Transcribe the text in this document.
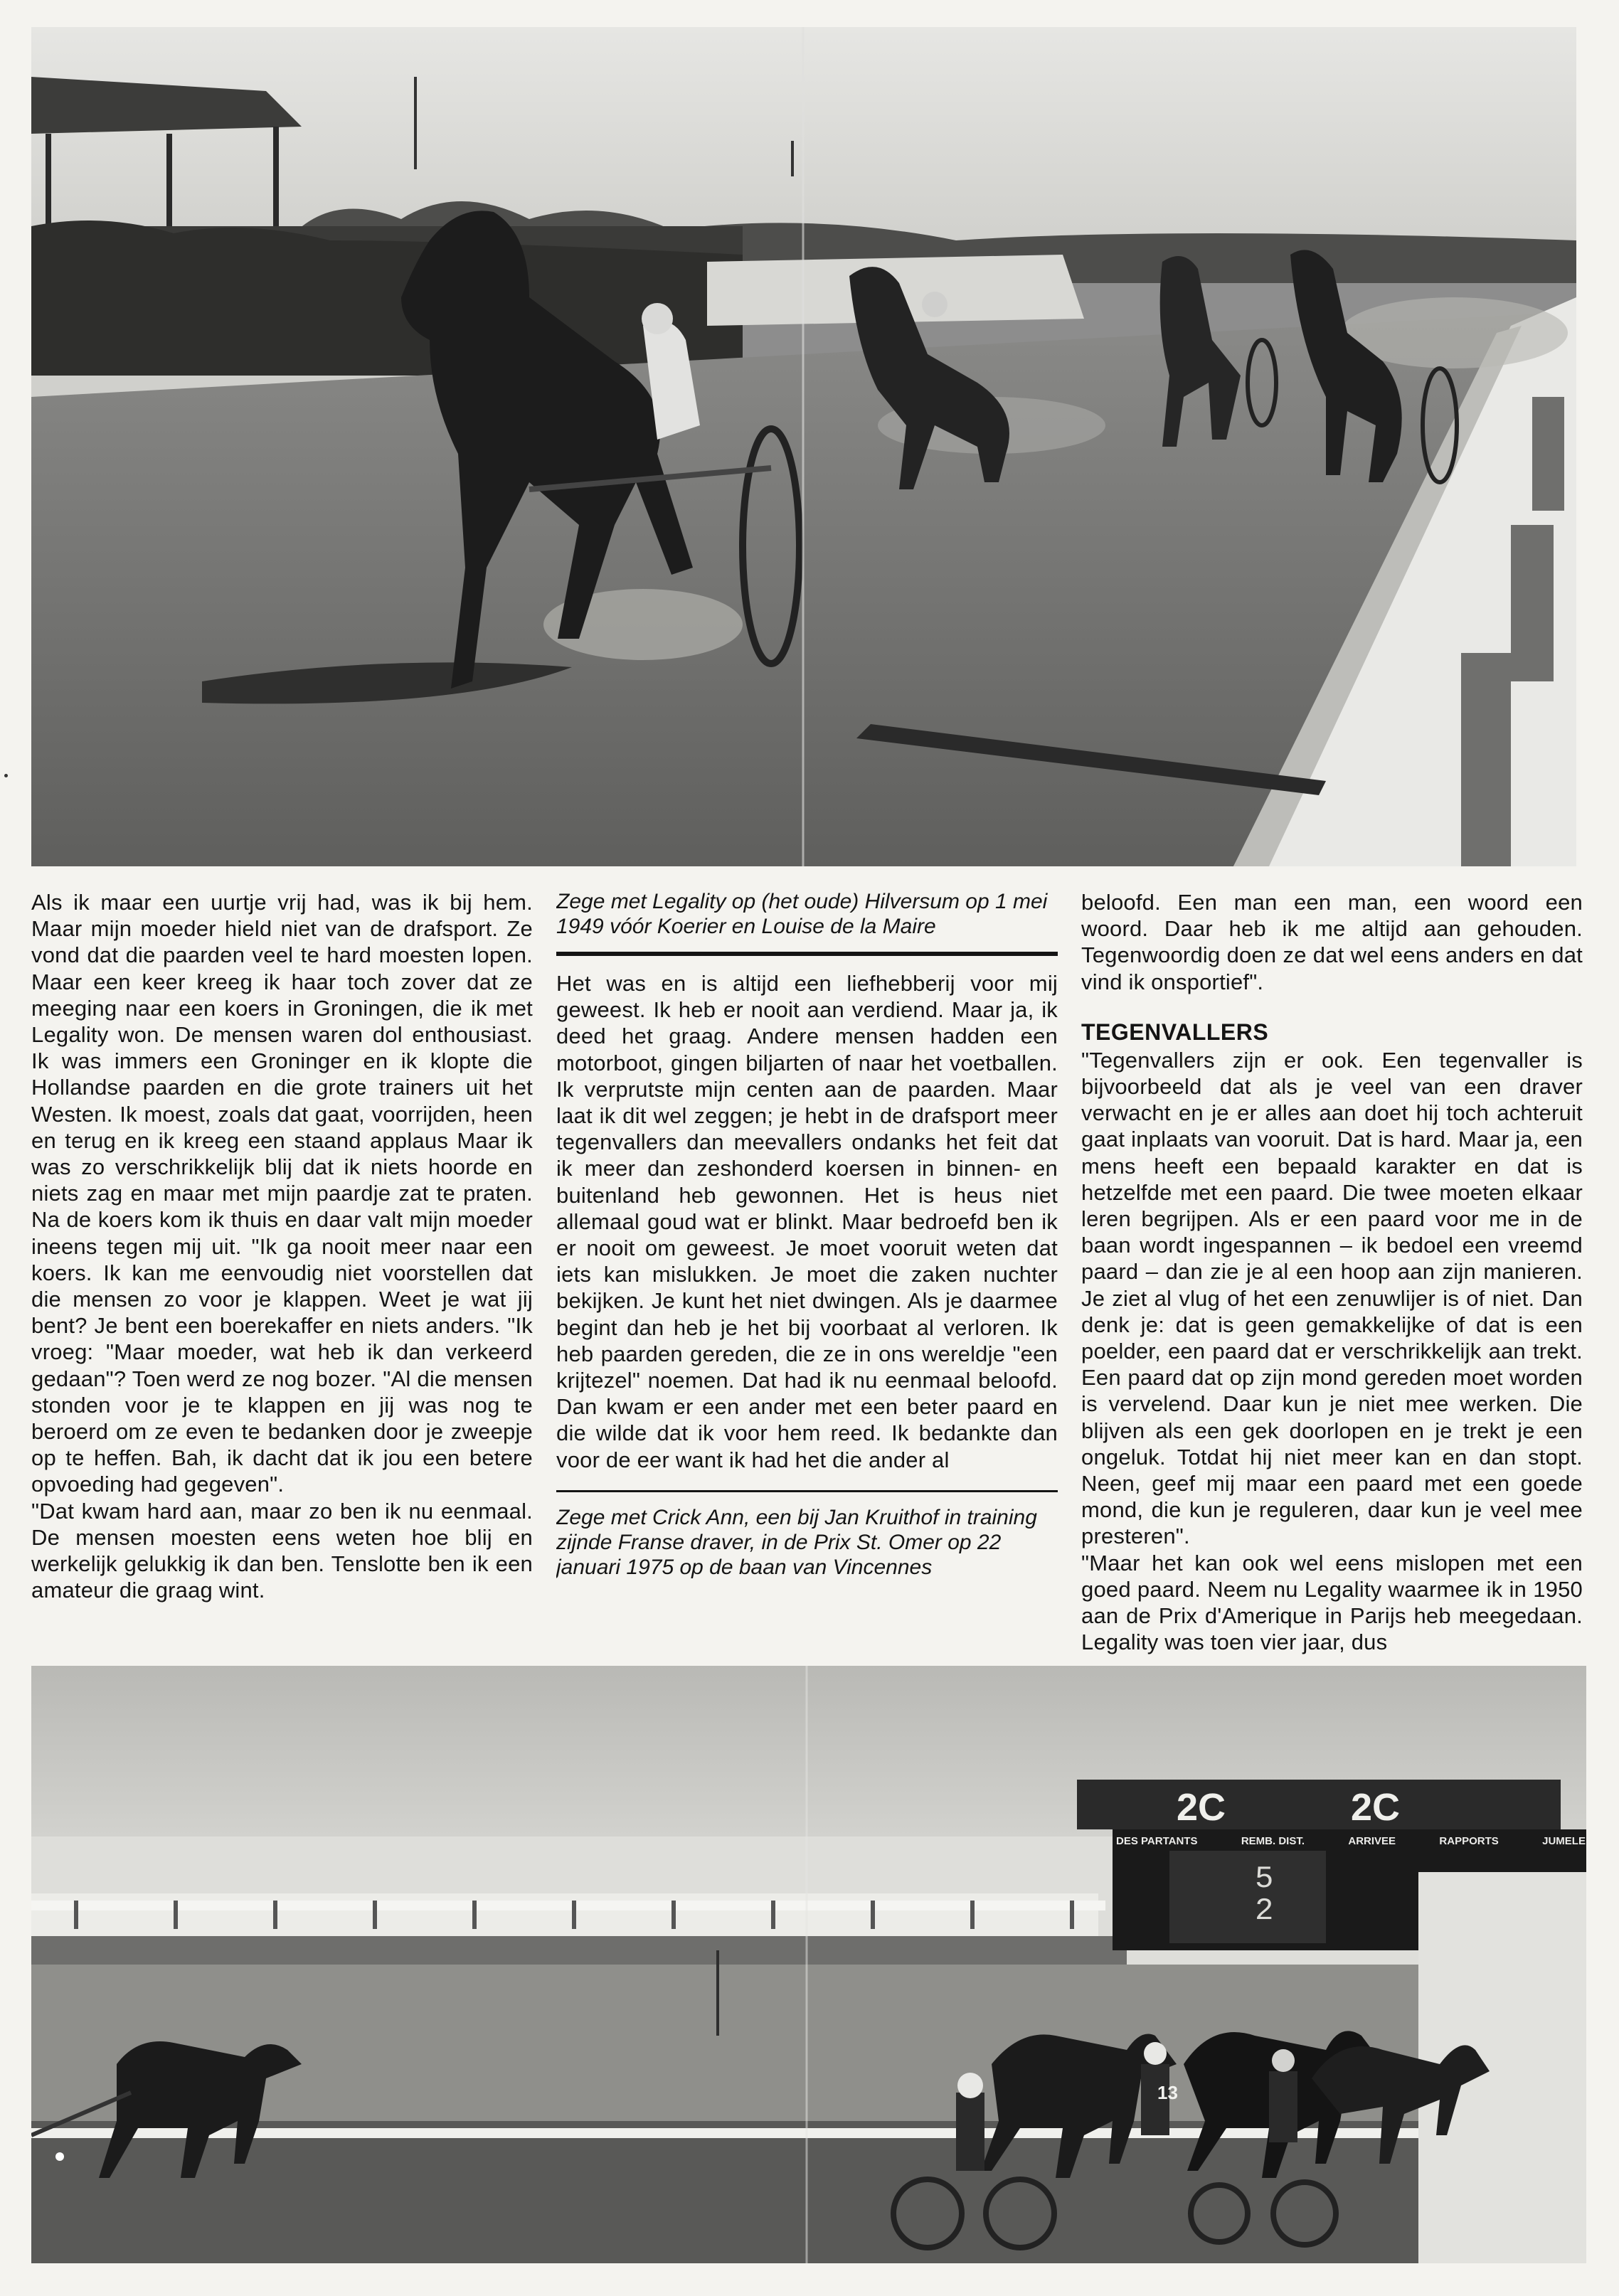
Als ik maar een uurtje vrij had, was ik bij hem. Maar mijn moeder hield niet van de drafsport. Ze vond dat die paarden veel te hard moesten lopen. Maar een keer kreeg ik haar toch zover dat ze meeging naar een koers in Groningen, die ik met Legality won. De mensen waren dol enthousiast. Ik was immers een Groninger en ik klopte die Hollandse paarden en die grote trainers uit het Westen. Ik moest, zoals dat gaat, voorrijden, heen en terug en ik kreeg een staand applaus Maar ik was zo verschrikkelijk blij dat ik niets hoorde en niets zag en maar met mijn paardje zat te praten. Na de koers kom ik thuis en daar valt mijn moeder ineens tegen mij uit. "Ik ga nooit meer naar een koers. Ik kan me eenvoudig niet voorstellen dat die mensen zo voor je klappen. Weet je wat jij bent? Je bent een boerekaffer en niets anders. "Ik vroeg: "Maar moeder, wat heb ik dan verkeerd gedaan"? Toen werd ze nog bozer. "Al die mensen stonden voor je te klappen en jij was nog te beroerd om ze even te bedanken door je zweepje op te heffen. Bah, ik dacht dat ik jou een betere opvoeding had gegeven".
"Dat kwam hard aan, maar zo ben ik nu eenmaal. De mensen moesten eens weten hoe blij en werkelijk gelukkig ik dan ben. Tenslotte ben ik een amateur die graag wint.

Zege met Legality op (het oude) Hilversum op 1 mei 1949 vóór Koerier en Louise de la Maire

Het was en is altijd een liefhebberij voor mij geweest. Ik heb er nooit aan verdiend. Maar ja, ik deed het graag. Andere mensen hadden een motorboot, gingen biljarten of naar het voetballen. Ik verprutste mijn centen aan de paarden. Maar laat ik dit wel zeggen; je hebt in de drafsport meer tegenvallers dan meevallers ondanks het feit dat ik meer dan zeshonderd koersen in binnen- en buitenland heb gewonnen. Het is heus niet allemaal goud wat er blinkt. Maar bedroefd ben ik er nooit om geweest. Je moet vooruit weten dat iets kan mislukken. Je moet die zaken nuchter bekijken. Je kunt het niet dwingen. Als je daarmee begint dan heb je het bij voorbaat al verloren. Ik heb paarden gereden, die ze in ons wereldje "een krijtezel" noemen. Dat had ik nu eenmaal beloofd. Dan kwam er een ander met een beter paard en die wilde dat ik voor hem reed. Ik bedankte dan voor de eer want ik had het die ander al

Zege met Crick Ann, een bij Jan Kruithof in training zijnde Franse draver, in de Prix St. Omer op 22 januari 1975 op de baan van Vincennes

beloofd. Een man een man, een woord een woord. Daar heb ik me altijd aan gehouden. Tegenwoordig doen ze dat wel eens anders en dat vind ik onsportief".

TEGENVALLERS

"Tegenvallers zijn er ook. Een tegenvaller is bijvoorbeeld dat als je veel van een draver verwacht en je er alles aan doet hij toch achteruit gaat inplaats van vooruit. Dat is hard. Maar ja, een mens heeft een bepaald karakter en dat is hetzelfde met een paard. Die twee moeten elkaar leren begrijpen. Als er een paard voor me in de baan wordt ingespannen – ik bedoel een vreemd paard – dan zie je al een hoop aan zijn manieren. Je ziet al vlug of het een zenuwlijer is of niet. Dan denk je: dat is geen gemakkelijke of dat is een poelder, een paard dat er verschrikkelijk aan trekt. Een paard dat op zijn mond gereden moet worden is vervelend. Daar kun je niet mee werken. Die blijven als een gek doorlopen en je trekt je een ongeluk. Totdat hij niet meer kan en dan stopt. Neen, geef mij maar een paard met een goede mond, die kun je reguleren, daar kun je veel mee presteren".
"Maar het kan ook wel eens mislopen met een goed paard. Neem nu Legality waarmee ik in 1950 aan de Prix d'Amerique in Parijs heb meegedaan. Legality was toen vier jaar, dus

2C	2C
DES PARTANTS	REMB. DIST.	ARRIVEE	RAPPORTS	JUMELE
5
2
13
